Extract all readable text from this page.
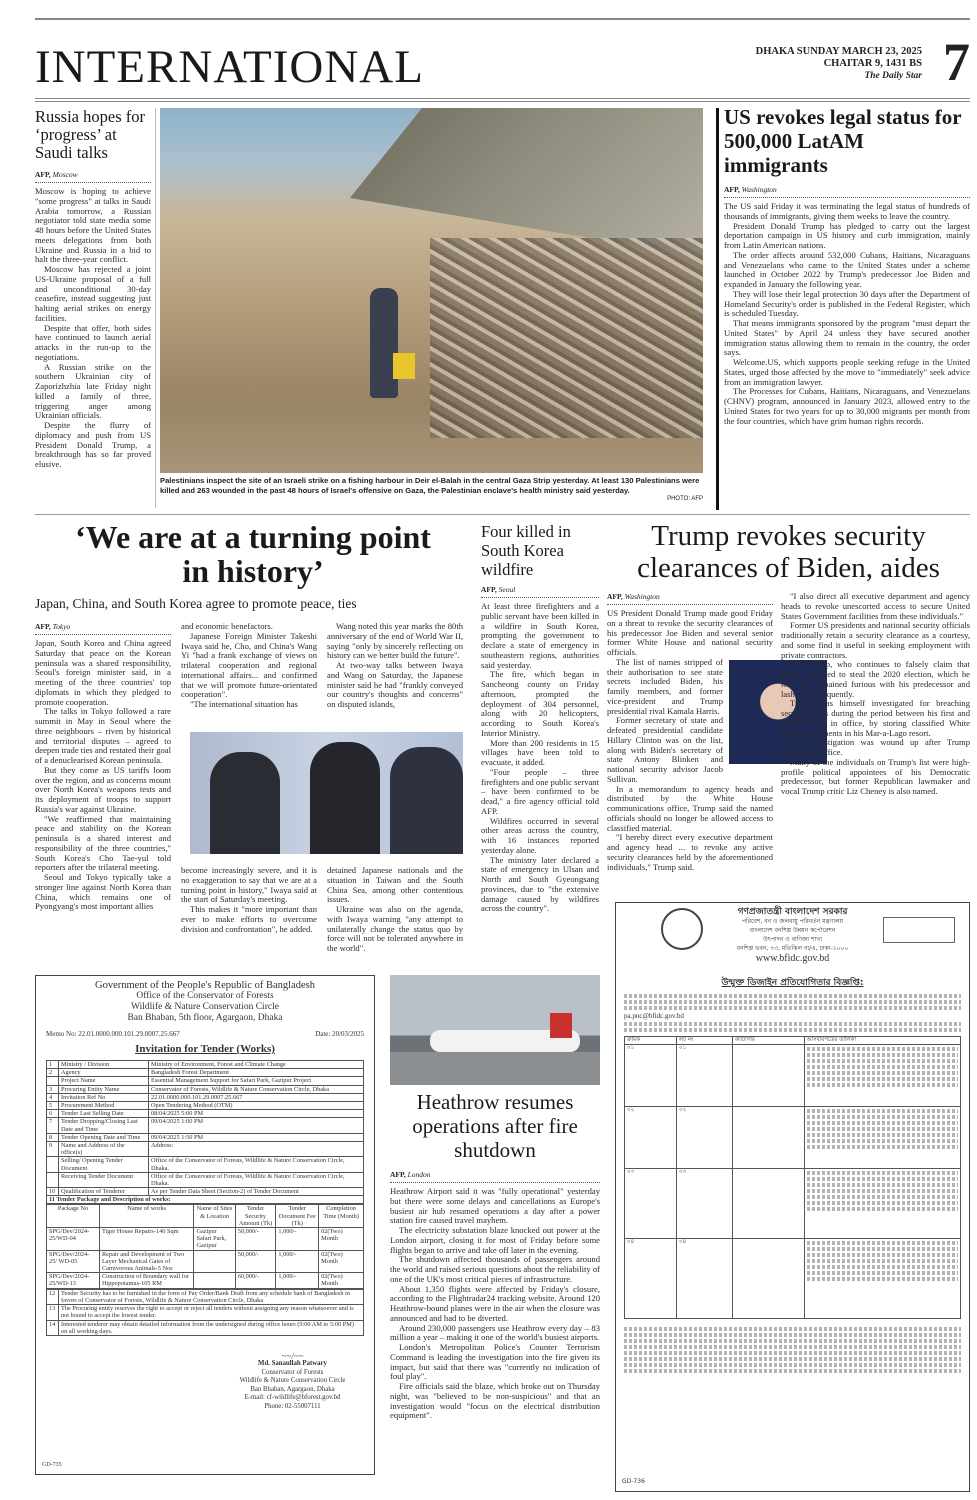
INTERNATIONAL	DHAKA SUNDAY MARCH 23, 2025
CHAITAR 9, 1431 BS
The Daily Star 7
Russia hopes for ‘progress’ at Saudi talks
AFP, Moscow

Moscow is hoping to achieve "some progress" at talks in Saudi Arabia tomorrow, a Russian negotiator told state media some 48 hours before the United States meets delegations from both Ukraine and Russia in a bid to halt the three-year conflict.

Moscow has rejected a joint US-Ukraine proposal of a full and unconditional 30-day ceasefire, instead suggesting just halting aerial strikes on energy facilities.

Despite that offer, both sides have continued to launch aerial attacks in the run-up to the negotiations.

A Russian strike on the southern Ukrainian city of Zaporizhzhia late Friday night killed a family of three, triggering anger among Ukrainian officials.

Despite the flurry of diplomacy and push from US President Donald Trump, a breakthrough has so far proved elusive.

Palestinians inspect the site of an Israeli strike on a fishing harbour in Deir el-Balah in the central Gaza Strip yesterday. At least 130 Palestinians were killed and 263 wounded in the past 48 hours of Israel's offensive on Gaza, the Palestinian enclave's health ministry said yesterday.
PHOTO: AFP
US revokes legal status for 500,000 LatAM immigrants
AFP, Washington

The US said Friday it was terminating the legal status of hundreds of thousands of immigrants, giving them weeks to leave the country.

President Donald Trump has pledged to carry out the largest deportation campaign in US history and curb immigration, mainly from Latin American nations.

The order affects around 532,000 Cubans, Haitians, Nicaraguans and Venezuelans who came to the United States under a scheme launched in October 2022 by Trump's predecessor Joe Biden and expanded in January the following year.

They will lose their legal protection 30 days after the Department of Homeland Security's order is published in the Federal Register, which is scheduled Tuesday.

That means immigrants sponsored by the program "must depart the United States" by April 24 unless they have secured another immigration status allowing them to remain in the country, the order says.

Welcome.US, which supports people seeking refuge in the United States, urged those affected by the move to "immediately" seek advice from an immigration lawyer.

The Processes for Cubans, Haitians, Nicaraguans, and Venezuelans (CHNV) program, announced in January 2023, allowed entry to the United States for two years for up to 30,000 migrants per month from the four countries, which have grim human rights records.

‘We are at a turning point in history’
Japan, China, and South Korea agree to promote peace, ties
AFP, Tokyo

Japan, South Korea and China agreed Saturday that peace on the Korean peninsula was a shared responsibility, Seoul's foreign minister said, in a meeting of the three countries' top diplomats in which they pledged to promote cooperation.

The talks in Tokyo followed a rare summit in May in Seoul where the three neighbours – riven by historical and territorial disputes – agreed to deepen trade ties and restated their goal of a denuclearised Korean peninsula.

But they come as US tariffs loom over the region, and as concerns mount over North Korea's weapons tests and its deployment of troops to support Russia's war against Ukraine.

"We reaffirmed that maintaining peace and stability on the Korean peninsula is a shared interest and responsibility of the three countries," South Korea's Cho Tae-yul told reporters after the trilateral meeting.

Seoul and Tokyo typically take a stronger line against North Korea than China, which remains one of Pyongyang's most important allies

and economic benefactors.

Japanese Foreign Minister Takeshi Iwaya said he, Cho, and China's Wang Yi "had a frank exchange of views on trilateral cooperation and regional international affairs... and confirmed that we will promote future-orientated cooperation".

"The international situation has

Wang noted this year marks the 80th anniversary of the end of World War II, saying "only by sincerely reflecting on history can we better build the future".

At two-way talks between Iwaya and Wang on Saturday, the Japanese minister said he had "frankly conveyed our country's thoughts and concerns" on disputed islands,

become increasingly severe, and it is no exaggeration to say that we are at a turning point in history," Iwaya said at the start of Saturday's meeting.

This makes it "more important than ever to make efforts to overcome division and confrontation", he added.

detained Japanese nationals and the situation in Taiwan and the South China Sea, among other contentious issues.

Ukraine was also on the agenda, with Iwaya warning "any attempt to unilaterally change the status quo by force will not be tolerated anywhere in the world".

Four killed in South Korea wildfire
AFP, Seoul

At least three firefighters and a public servant have been killed in a wildfire in South Korea, prompting the government to declare a state of emergency in southeastern regions, authorities said yesterday.

The fire, which began in Sancheong county on Friday afternoon, prompted the deployment of 304 personnel, along with 20 helicopters, according to South Korea's Interior Ministry.

More than 200 residents in 15 villages have been told to evacuate, it added.

"Four people – three firefighters and one public servant – have been confirmed to be dead," a fire agency official told AFP.

Wildfires occurred in several other areas across the country, with 16 instances reported yesterday alone.

The ministry later declared a state of emergency in Ulsan and North and South Gyeongsang provinces, due to "the extensive damage caused by wildfires across the country".

Trump revokes security clearances of Biden, aides
AFP, Washington

US President Donald Trump made good Friday on a threat to revoke the security clearances of his predecessor Joe Biden and several senior former White House and national security officials.

The list of names stripped of their authorisation to see state secrets included Biden, his family members, and former vice-president and Trump presidential rival Kamala Harris.

Former secretary of state and defeated presidential candidate Hillary Clinton was on the list, along with Biden's secretary of state Antony Blinken and national security advisor Jacob Sullivan.

In a memorandum to agency heads and distributed by the White House communications office, Trump said the named officials should no longer be allowed access to classified material.

"I hereby direct every executive department and agency head ... to revoke any active security clearances held by the aforementioned individuals," Trump said.

"I also direct all executive department and agency heads to revoke unescorted access to secure United States Government facilities from these individuals."

Former US presidents and national security officials traditionally retain a security clearance as a courtesy, and some find it useful in seeking employment with private contractors.

But Trump, who continues to falsely claim that Biden schemed to steal the 2020 election, which he lost, has remained furious with his predecessor and lashes out frequently.

Trump was himself investigated for breaching security rules during the period between his first and second term in office, by storing classified White House documents in his Mar-a-Lago resort.

The investigation was wound up after Trump returned to office.

Many of the individuals on Trump's list were high-profile political appointees of his Democratic predecessor, but former Republican lawmaker and vocal Trump critic Liz Cheney is also named.

Government of the People's Republic of Bangladesh
Office of the Conservator of Forests
Wildlife & Nature Conservation Circle
Ban Bhaban, 5th floor, Agargaon, Dhaka
Memo No: 22.01.0000.000.101.29.0007.25.667	Date: 20/03/2025
Invitation for Tender (Works)
1	Ministry / Division	Ministry of Environment, Forest and Climate Change
2	Agency	Bangladesh Forest Department
	Project Name	Essential Management Support for Safari Park, Gazipur Project
3	Procuring Entity Name	Conservator of Forests, Wildlife & Nature Conservation Circle, Dhaka
4	Invitation Ref No	22.01.0000.000.101.29.0007.25.667
5	Procurement Method	Open Tendering Method (OTM)
6	Tender Last Selling Date	08/04/2025 5:00 PM
7	Tender Dropping/Closing Last Date and Time	09/04/2025 1:00 PM
8	Tender Opening Date and Time	09/04/2025 1:50 PM
9	Name and Address of the office(s)	Address:
	Selling/ Opening Tender Document	Office of the Conservator of Forests, Wildlife & Nature Conservation Circle, Dhaka.
	Receiving Tender Document	Office of the Conservator of Forests, Wildlife & Nature Conservation Circle, Dhaka.
10	Qualification of Tenderer	As per Tender Data Sheet (Section-2) of Tender Document
11 Tender Package and Description of works:
Package No	Name of works	Name of Sites & Location	Tender Security Amount (Tk)	Tender Document Fee (Tk)	Completion Time (Month)
SPG/Dev/2024-25/WD-04	Tiger House Repairs-140 Sqm	Gazipur Safari Park, Gazipur	50,000/-	1,000/-	02(Two) Month
SPG/Dev/2024-25/ WD-05	Repair and Development of Two Layer Mechanical Gates of Carnivorous Animals-5 Nos		50,000/-	1,000/-	02(Two) Month
SPG/Dev/2024-25/WD-13	Construction of Boundary wall for Hippopotamus-105 RM		60,000/-	1,000/-	02(Two) Month
12	Tender Security has to be furnished in the form of Pay Order/Bank Draft from any schedule bank of Bangladesh in favors of Conservator of Forests, Wildlife & Nature Conservation Circle, Dhaka
13	The Procuring entity reserves the right to accept or reject all tenders without assigning any reason whatsoever and is not bound to accept the lowest tender.
14	Interested tenderer may obtain detailed information from the undersigned during office hours (9:00 AM to 5:00 PM) on all working days.
~~/~~
Md. Sanaullah Patwary
Conservator of Forests
Wildlife & Nature Conservation Circle
Ban Bhaban, Agargaon, Dhaka
E-mail: cf-wildlife@bforest.gov.bd
Phone: 02-55007111
GD-735
Heathrow resumes operations after fire shutdown
AFP, London

Heathrow Airport said it was "fully operational" yesterday but there were some delays and cancellations as Europe's busiest air hub resumed operations a day after a power station fire caused travel mayhem.

The electricity substation blaze knocked out power at the London airport, closing it for most of Friday before some flights began to arrive and take off later in the evening.

The shutdown affected thousands of passengers around the world and raised serious questions about the reliability of one of the UK's most critical pieces of infrastructure.

About 1,350 flights were affected by Friday's closure, according to the Flightradar24 tracking website. Around 120 Heathrow-bound planes were in the air when the closure was announced and had to be diverted.

Around 230,000 passengers use Heathrow every day – 83 million a year – making it one of the world's busiest airports.

London's Metropolitan Police's Counter Terrorism Command is leading the investigation into the fire given its impact, but said that there was "currently no indication of foul play".

Fire officials said the blaze, which broke out on Thursday night, was "believed to be non-suspicious" and that an investigation would "focus on the electrical distribution equipment".

গণপ্রজাতন্ত্রী বাংলাদেশ সরকার
পরিবেশ, বন ও জলবায়ু পরিবর্তন মন্ত্রণালয়
বাংলাদেশ বনশিল্প উন্নয়ন কর্পোরেশন
উৎপাদন ও বাণিজ্য শাখা
বনশিল্প ভবন, ৭৩, মতিঝিল বা/এ, ঢাকা-১০০০
www.bfidc.gov.bd
উন্মুক্ত ডিজাইন প্রতিযোগিতার বিজ্ঞপ্তি:
pa.pnc@bfidc.gov.bd
ক্রমিক	লট নং	ক্যাটাগরি	আসবাবপত্রের তালিকা
০১	০১		

০২	০২		

০৩	০৩		

০৪	০৪		
GD-736
